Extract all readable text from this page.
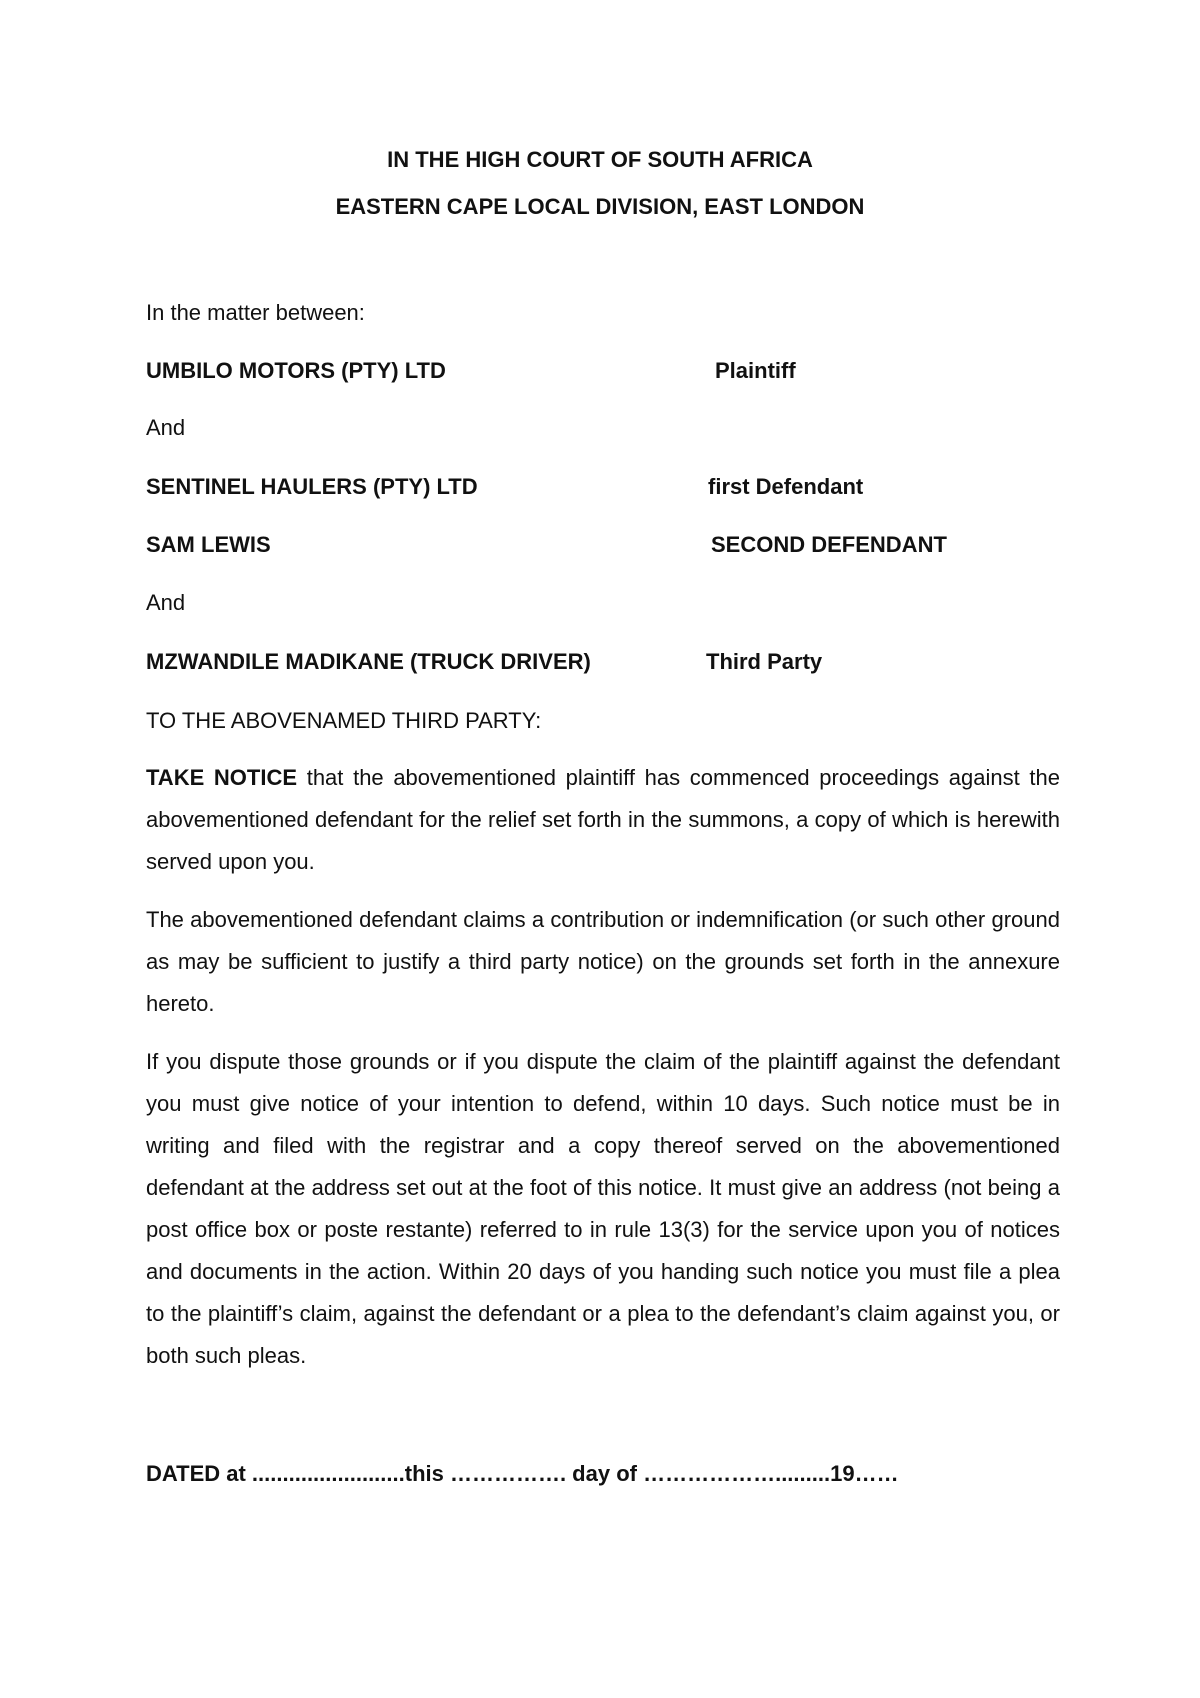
IN THE HIGH COURT OF SOUTH AFRICA

EASTERN CAPE LOCAL DIVISION, EAST LONDON

In the matter between:

UMBILO MOTORS (PTY) LTD	Plaintiff

And

SENTINEL HAULERS (PTY) LTD	first Defendant

SAM LEWIS	SECOND DEFENDANT

And

MZWANDILE MADIKANE (TRUCK DRIVER)	Third Party

TO THE ABOVENAMED THIRD PARTY:

TAKE NOTICE that the abovementioned plaintiff has commenced proceedings against the abovementioned defendant for the relief set forth in the summons, a copy of which is herewith served upon you.

The abovementioned defendant claims a contribution or indemnification (or such other ground as may be sufficient to justify a third party notice) on the grounds set forth in the annexure hereto.

If you dispute those grounds or if you dispute the claim of the plaintiff against the defendant you must give notice of your intention to defend, within 10 days. Such notice must be in writing and filed with the registrar and a copy thereof served on the abovementioned defendant at the address set out at the foot of this notice. It must give an address (not being a post office box or poste restante) referred to in rule 13(3) for the service upon you of notices and documents in the action. Within 20 days of you handing such notice you must file a plea to the plaintiff’s claim, against the defendant or a plea to the defendant’s claim against you, or both such pleas.

DATED at .........................this ……………. day of ……………….........19……
